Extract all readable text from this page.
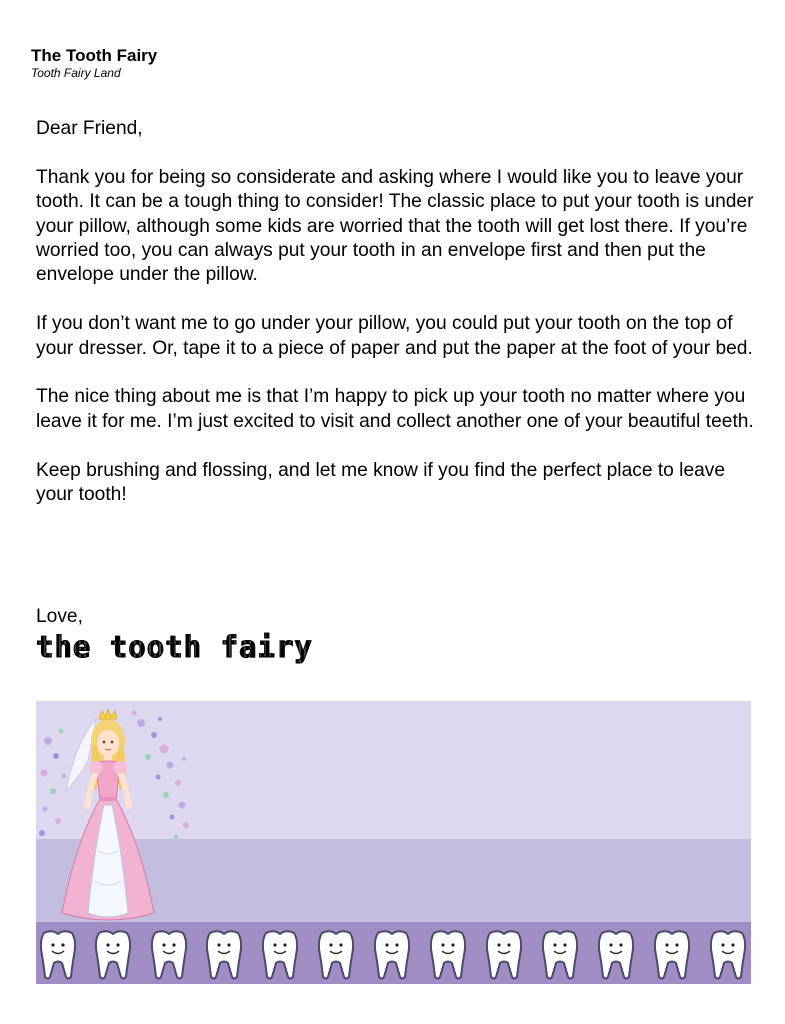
The Tooth Fairy
Tooth Fairy Land

Dear Friend,

Thank you for being so considerate and asking where I would like you to leave your tooth. It can be a tough thing to consider! The classic place to put your tooth is under your pillow, although some kids are worried that the tooth will get lost there. If you’re worried too, you can always put your tooth in an envelope first and then put the envelope under the pillow.

If you don’t want me to go under your pillow, you could put your tooth on the top of your dresser. Or, tape it to a piece of paper and put the paper at the foot of your bed.

The nice thing about me is that I’m happy to pick up your tooth no matter where you leave it for me. I’m just excited to visit and collect another one of your beautiful teeth.

Keep brushing and flossing, and let me know if you find the perfect place to leave your tooth!

Love,
the tooth fairy
